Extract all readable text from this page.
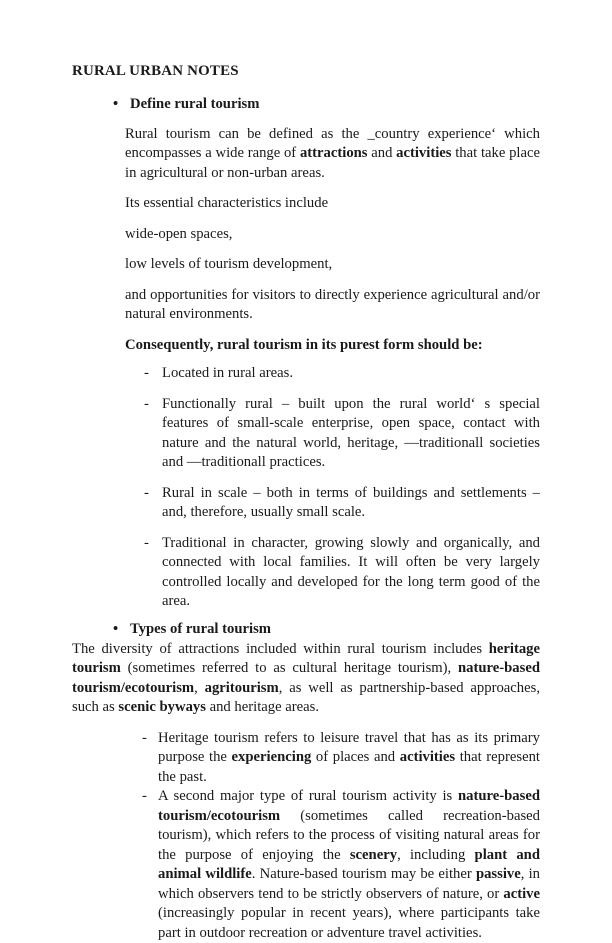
RURAL URBAN NOTES
• Define rural tourism

Rural tourism can be defined as the _country experience‘ which encompasses a wide range of attractions and activities that take place in agricultural or non-urban areas.

Its essential characteristics include

wide-open spaces,

low levels of tourism development,

and opportunities for visitors to directly experience agricultural and/or natural environments.

Consequently, rural tourism in its purest form should be:

- Located in rural areas.
- Functionally rural – built upon the rural world‘ s special features of small-scale enterprise, open space, contact with nature and the natural world, heritage, —traditionall societies and —traditionall practices.
- Rural in scale – both in terms of buildings and settlements – and, therefore, usually small scale.
- Traditional in character, growing slowly and organically, and connected with local families. It will often be very largely controlled locally and developed for the long term good of the area.
• Types of rural tourism

The diversity of attractions included within rural tourism includes heritage tourism (sometimes referred to as cultural heritage tourism), nature-based tourism/ecotourism, agritourism, as well as partnership-based approaches, such as scenic byways and heritage areas.

- Heritage tourism refers to leisure travel that has as its primary purpose the experiencing of places and activities that represent the past.
- A second major type of rural tourism activity is nature-based tourism/ecotourism (sometimes called recreation-based tourism), which refers to the process of visiting natural areas for the purpose of enjoying the scenery, including plant and animal wildlife. Nature-based tourism may be either passive, in which observers tend to be strictly observers of nature, or active (increasingly popular in recent years), where participants take part in outdoor recreation or adventure travel activities.
